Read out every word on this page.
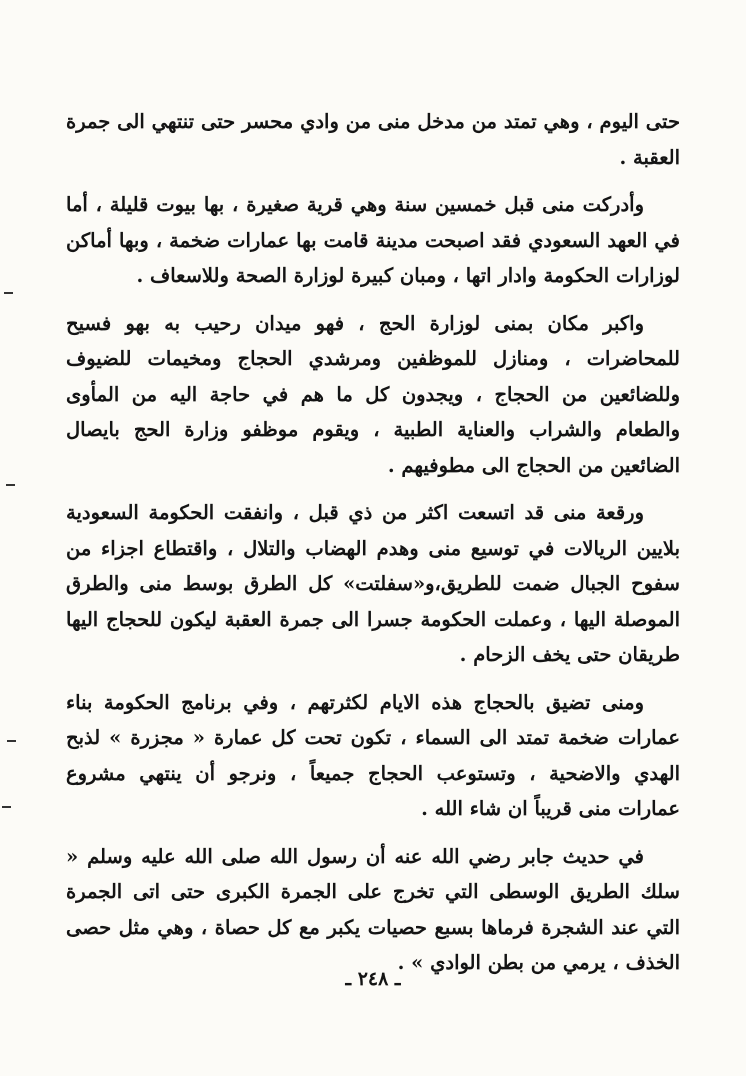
حتى اليوم ، وهي تمتد من مدخل منى من وادي محسر حتى تنتهي الى جمرة العقبة .

وأدركت منى قبل خمسين سنة وهي قرية صغيرة ، بها بيوت قليلة ، أما في العهد السعودي فقد اصبحت مدينة قامت بها عمارات ضخمة ، وبها أماكن لوزارات الحكومة وادار اتها ، ومبان كبيرة لوزارة الصحة وللاسعاف .

واكبر مكان بمنى لوزارة الحج ، فهو ميدان رحيب به بهو فسيح للمحاضرات ، ومنازل للموظفين ومرشدي الحجاج ومخيمات للضيوف وللضائعين من الحجاج ، ويجدون كل ما هم في حاجة اليه من المأوى والطعام والشراب والعناية الطبية ، ويقوم موظفو وزارة الحج بايصال الضائعين من الحجاج الى مطوفيهم .

ورقعة منى قد اتسعت اكثر من ذي قبل ، وانفقت الحكومة السعودية بلايين الريالات في توسيع منى وهدم الهضاب والتلال ، واقتطاع اجزاء من سفوح الجبال ضمت للطريق،و«سفلتت» كل الطرق بوسط منى والطرق الموصلة اليها ، وعملت الحكومة جسرا الى جمرة العقبة ليكون للحجاج اليها طريقان حتى يخف الزحام .

ومنى تضيق بالحجاج هذه الايام لكثرتهم ، وفي برنامج الحكومة بناء عمارات ضخمة تمتد الى السماء ، تكون تحت كل عمارة « مجزرة » لذبح الهدي والاضحية ، وتستوعب الحجاج جميعاً ، ونرجو أن ينتهي مشروع عمارات منى قريباً ان شاء الله .

في حديث جابر رضي الله عنه أن رسول الله صلى الله عليه وسلم « سلك الطريق الوسطى التي تخرج على الجمرة الكبرى حتى اتى الجمرة التي عند الشجرة فرماها بسبع حصيات يكبر مع كل حصاة ، وهي مثل حصى الخذف ، يرمي من بطن الوادي » .

ـ ٢٤٨ ـ
